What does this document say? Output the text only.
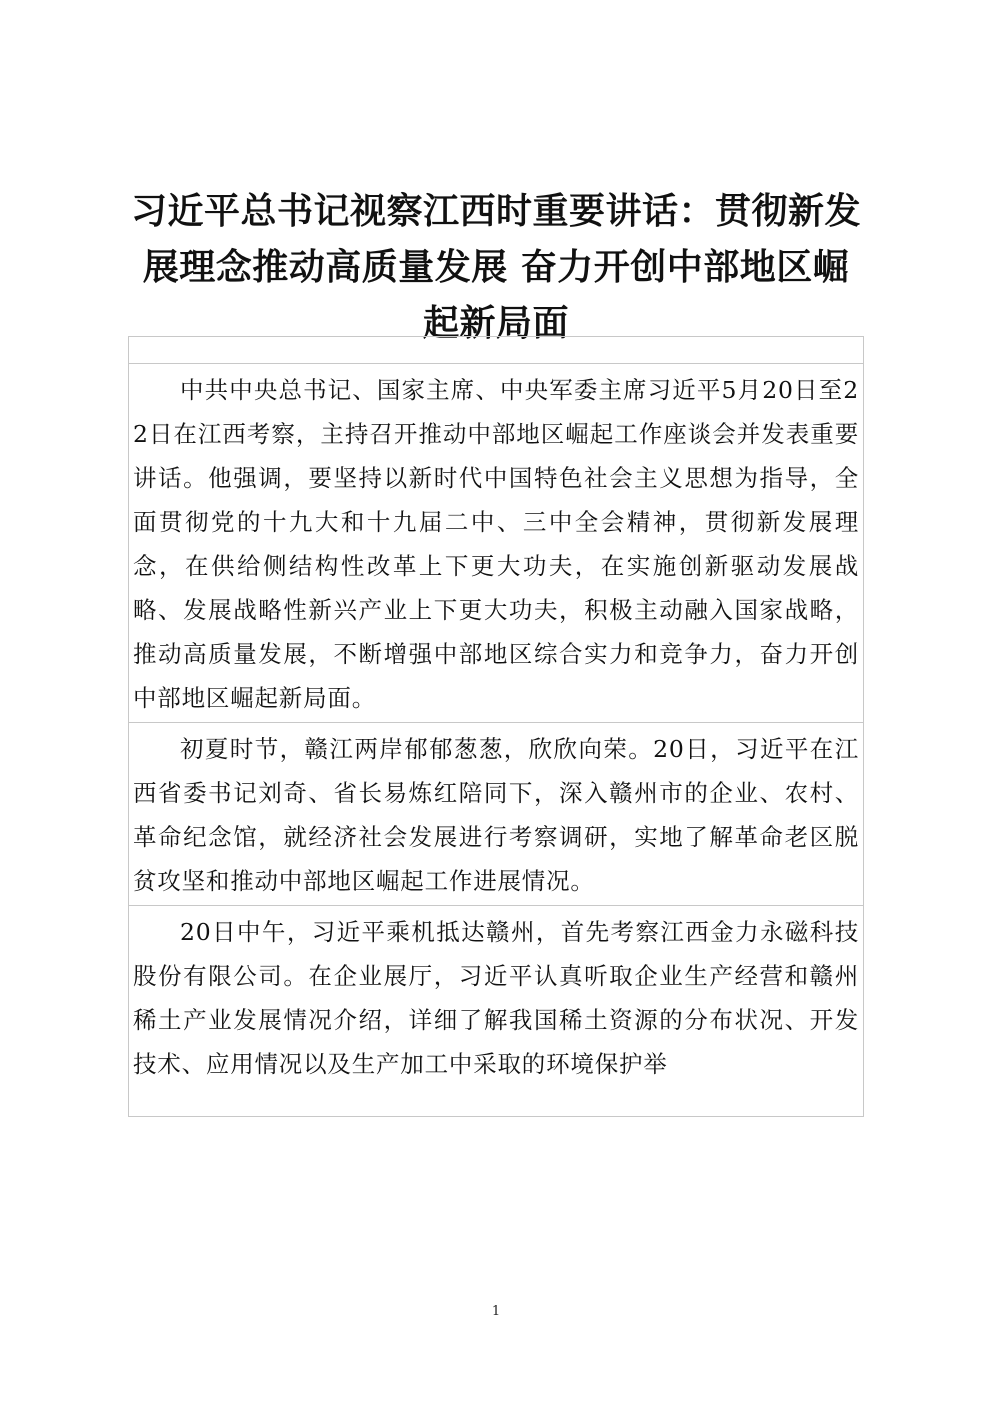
习近平总书记视察江西时重要讲话：贯彻新发展理念推动高质量发展 奋力开创中部地区崛起新局面

中共中央总书记、国家主席、中央军委主席习近平5月20日至22日在江西考察，主持召开推动中部地区崛起工作座谈会并发表重要讲话。他强调，要坚持以新时代中国特色社会主义思想为指导，全面贯彻党的十九大和十九届二中、三中全会精神，贯彻新发展理念，在供给侧结构性改革上下更大功夫，在实施创新驱动发展战略、发展战略性新兴产业上下更大功夫，积极主动融入国家战略，推动高质量发展，不断增强中部地区综合实力和竞争力，奋力开创中部地区崛起新局面。

初夏时节，赣江两岸郁郁葱葱，欣欣向荣。20日，习近平在江西省委书记刘奇、省长易炼红陪同下，深入赣州市的企业、农村、革命纪念馆，就经济社会发展进行考察调研，实地了解革命老区脱贫攻坚和推动中部地区崛起工作进展情况。

20日中午，习近平乘机抵达赣州，首先考察江西金力永磁科技股份有限公司。在企业展厅，习近平认真听取企业生产经营和赣州稀土产业发展情况介绍，详细了解我国稀土资源的分布状况、开发技术、应用情况以及生产加工中采取的环境保护举

1
